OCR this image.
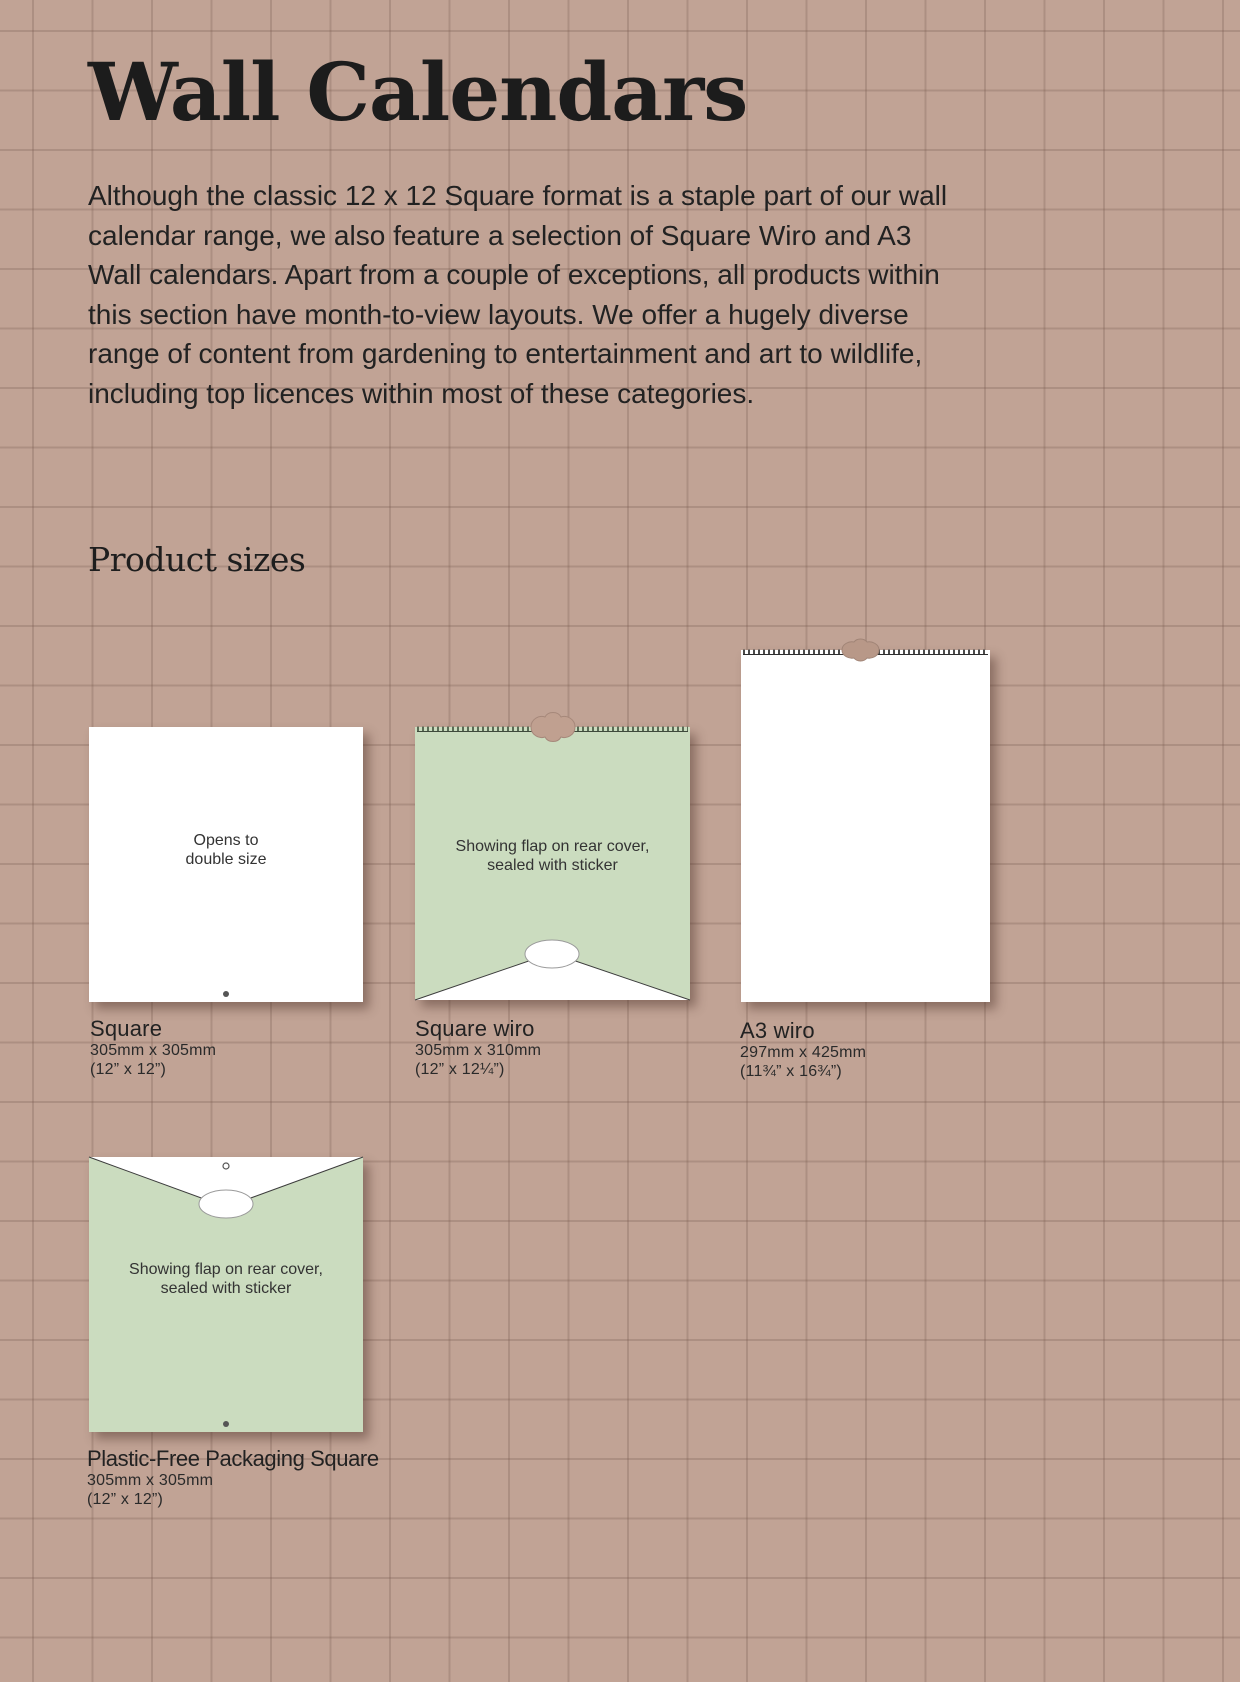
Wall Calendars

Although the classic 12 x 12 Square format is a staple part of our wall calendar range, we also feature a selection of Square Wiro and A3 Wall calendars. Apart from a couple of exceptions, all products within this section have month-to-view layouts. We offer a hugely diverse range of content from gardening to entertainment and art to wildlife, including top licences within most of these categories.

Product sizes
Opens to
double size
Square
305mm x 305mm
(12” x 12”)
Showing flap on rear cover,
sealed with sticker
Square wiro
305mm x 310mm
(12” x 12¼”)
A3 wiro
297mm x 425mm
(11¾” x 16¾”)
Showing flap on rear cover,
sealed with sticker
Plastic-Free Packaging Square
305mm x 305mm
(12” x 12”)
